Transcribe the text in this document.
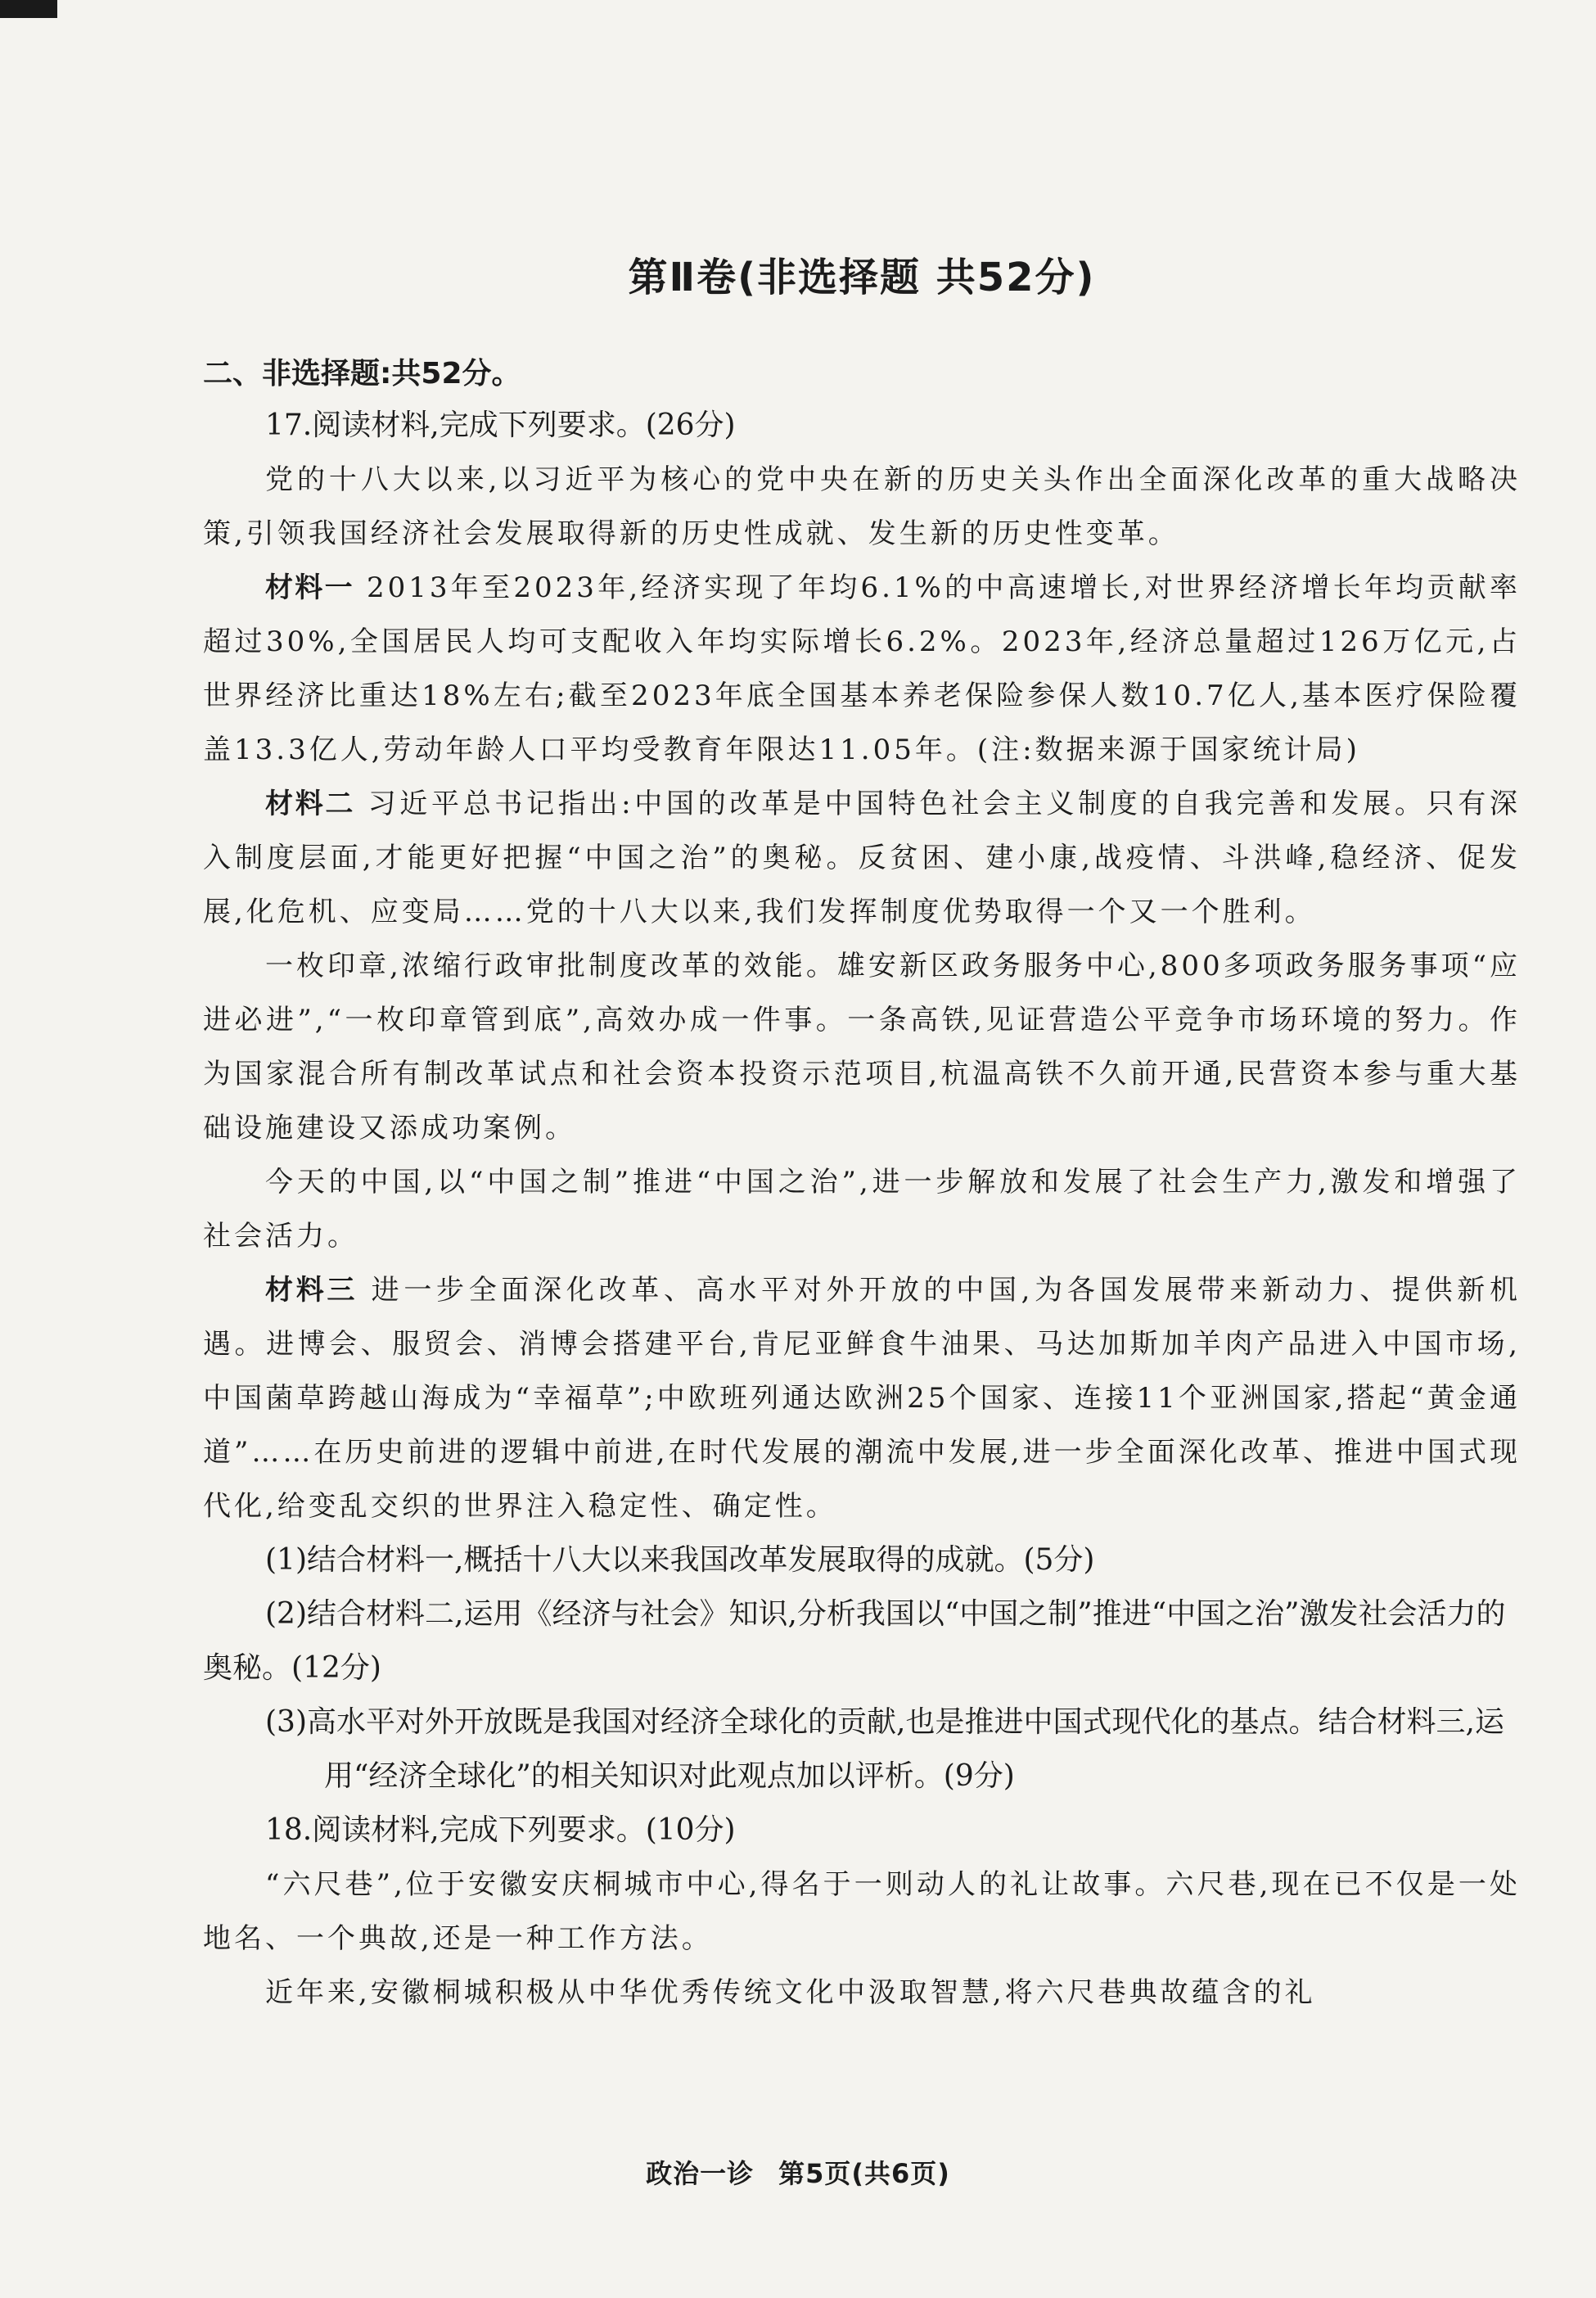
第Ⅱ卷(非选择题 共52分)

二、非选择题:共52分。

17.阅读材料,完成下列要求。(26分)

党的十八大以来,以习近平为核心的党中央在新的历史关头作出全面深化改革的重大战略决策,引领我国经济社会发展取得新的历史性成就、发生新的历史性变革。

材料一 2013年至2023年,经济实现了年均6.1%的中高速增长,对世界经济增长年均贡献率超过30%,全国居民人均可支配收入年均实际增长6.2%。2023年,经济总量超过126万亿元,占世界经济比重达18%左右;截至2023年底全国基本养老保险参保人数10.7亿人,基本医疗保险覆盖13.3亿人,劳动年龄人口平均受教育年限达11.05年。(注:数据来源于国家统计局)

材料二 习近平总书记指出:中国的改革是中国特色社会主义制度的自我完善和发展。只有深入制度层面,才能更好把握“中国之治”的奥秘。反贫困、建小康,战疫情、斗洪峰,稳经济、促发展,化危机、应变局……党的十八大以来,我们发挥制度优势取得一个又一个胜利。

一枚印章,浓缩行政审批制度改革的效能。雄安新区政务服务中心,800多项政务服务事项“应进必进”,“一枚印章管到底”,高效办成一件事。一条高铁,见证营造公平竞争市场环境的努力。作为国家混合所有制改革试点和社会资本投资示范项目,杭温高铁不久前开通,民营资本参与重大基础设施建设又添成功案例。

今天的中国,以“中国之制”推进“中国之治”,进一步解放和发展了社会生产力,激发和增强了社会活力。

材料三 进一步全面深化改革、高水平对外开放的中国,为各国发展带来新动力、提供新机遇。进博会、服贸会、消博会搭建平台,肯尼亚鲜食牛油果、马达加斯加羊肉产品进入中国市场,中国菌草跨越山海成为“幸福草”;中欧班列通达欧洲25个国家、连接11个亚洲国家,搭起“黄金通道”……在历史前进的逻辑中前进,在时代发展的潮流中发展,进一步全面深化改革、推进中国式现代化,给变乱交织的世界注入稳定性、确定性。

(1)结合材料一,概括十八大以来我国改革发展取得的成就。(5分)

(2)结合材料二,运用《经济与社会》知识,分析我国以“中国之制”推进“中国之治”激发社会活力的奥秘。(12分)

(3)高水平对外开放既是我国对经济全球化的贡献,也是推进中国式现代化的基点。结合材料三,运用“经济全球化”的相关知识对此观点加以评析。(9分)

18.阅读材料,完成下列要求。(10分)

“六尺巷”,位于安徽安庆桐城市中心,得名于一则动人的礼让故事。六尺巷,现在已不仅是一处地名、一个典故,还是一种工作方法。

近年来,安徽桐城积极从中华优秀传统文化中汲取智慧,将六尺巷典故蕴含的礼

政治一诊 第5页(共6页)
